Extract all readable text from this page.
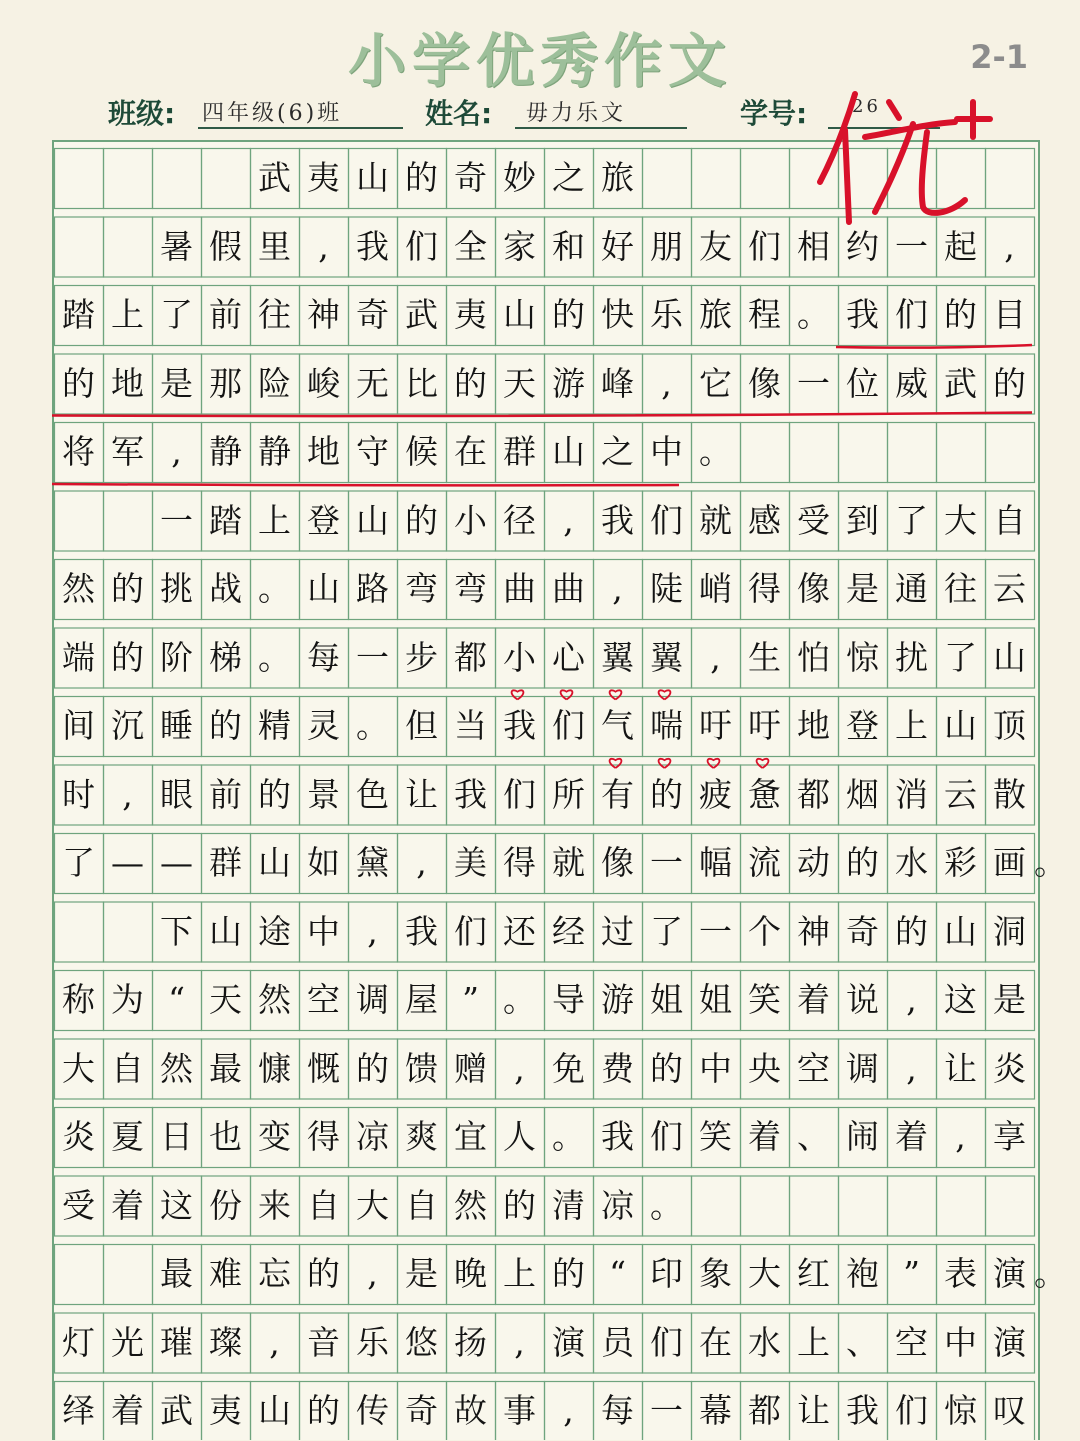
小学优秀作文	2-1
班级: 四年级(6)班	姓名: 毋力乐文	学号: 26
武 夷 山 的 奇 妙 之 旅
暑 假 里 , 我 们 全 家 和 好 朋 友 们 相 约 一 起 ,
踏 上 了 前 往 神 奇 武 夷 山 的 快 乐 旅 程 。 我 们 的 目
的 地 是 那 险 峻 无 比 的 天 游 峰 , 它 像 一 位 威 武 的
将 军 , 静 静 地 守 候 在 群 山 之 中 。
一 踏 上 登 山 的 小 径 , 我 们 就 感 受 到 了 大 自
然 的 挑 战 。 山 路 弯 弯 曲 曲 , 陡 峭 得 像 是 通 往 云
端 的 阶 梯 。 每 一 步 都 小 心 翼 翼 , 生 怕 惊 扰 了 山
间 沉 睡 的 精 灵 。 但 当 我 们 气 喘 吁 吁 地 登 上 山 顶
时 , 眼 前 的 景 色 让 我 们 所 有 的 疲 惫 都 烟 消 云 散
了 — — 群 山 如 黛 , 美 得 就 像 一 幅 流 动 的 水 彩 画 。
下 山 途 中 , 我 们 还 经 过 了 一 个 神 奇 的 山 洞
称 为 “ 天 然 空 调 屋 ” 。 导 游 姐 姐 笑 着 说 , 这 是
大 自 然 最 慷 慨 的 馈 赠 , 免 费 的 中 央 空 调 , 让 炎
炎 夏 日 也 变 得 凉 爽 宜 人 。 我 们 笑 着 、 闹 着 , 享
受 着 这 份 来 自 大 自 然 的 清 凉 。
最 难 忘 的 , 是 晚 上 的 “ 印 象 大 红 袍 ” 表 演 。
灯 光 璀 璨 , 音 乐 悠 扬 , 演 员 们 在 水 上 、 空 中 演
绎 着 武 夷 山 的 传 奇 故 事 , 每 一 幕 都 让 我 们 惊 叹
